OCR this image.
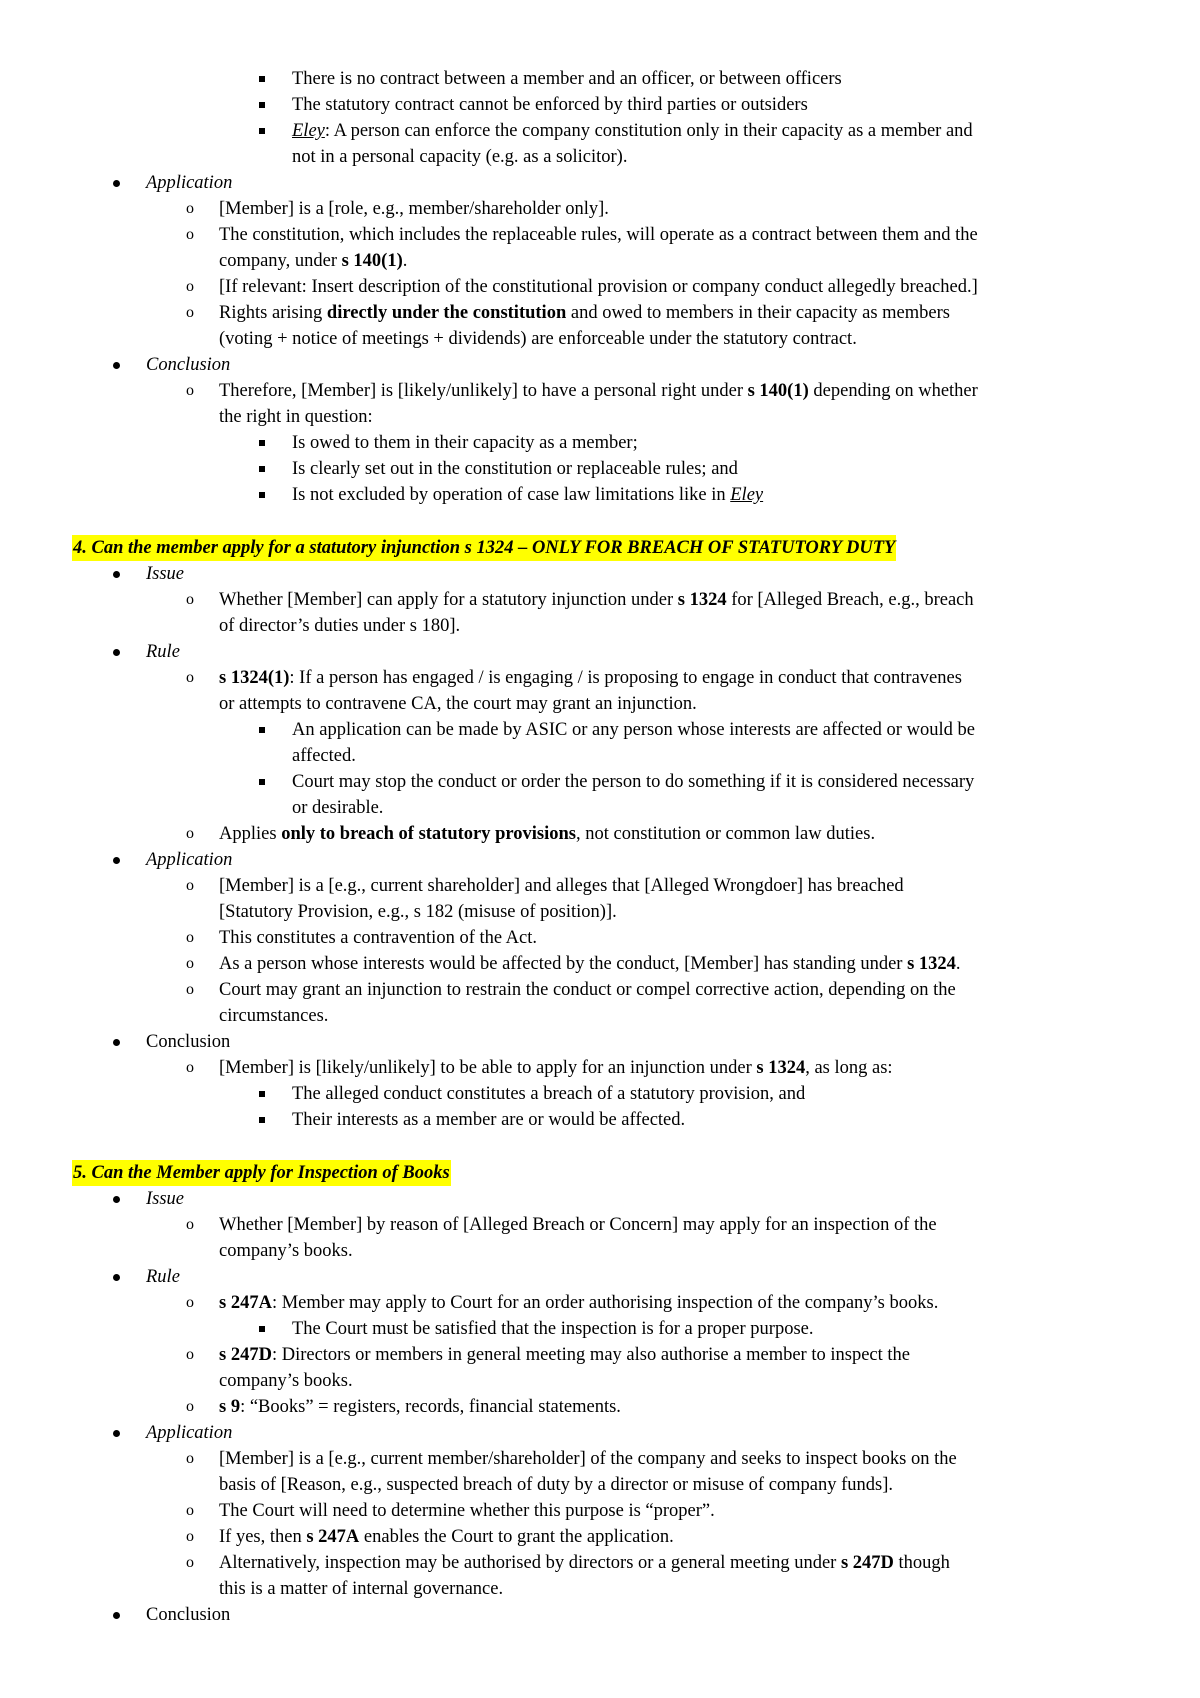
There is no contract between a member and an officer, or between officers
The statutory contract cannot be enforced by third parties or outsiders
Eley: A person can enforce the company constitution only in their capacity as a member and
not in a personal capacity (e.g. as a solicitor).
Application
o [Member] is a [role, e.g., member/shareholder only].
o The constitution, which includes the replaceable rules, will operate as a contract between them and the
company, under s 140(1).
o [If relevant: Insert description of the constitutional provision or company conduct allegedly breached.]
o Rights arising directly under the constitution and owed to members in their capacity as members
(voting + notice of meetings + dividends) are enforceable under the statutory contract.
Conclusion
o Therefore, [Member] is [likely/unlikely] to have a personal right under s 140(1) depending on whether
the right in question:
Is owed to them in their capacity as a member;
Is clearly set out in the constitution or replaceable rules; and
Is not excluded by operation of case law limitations like in Eley
4. Can the member apply for a statutory injunction s 1324 – ONLY FOR BREACH OF STATUTORY DUTY
Issue
o Whether [Member] can apply for a statutory injunction under s 1324 for [Alleged Breach, e.g., breach
of director’s duties under s 180].
Rule
o s 1324(1): If a person has engaged / is engaging / is proposing to engage in conduct that contravenes
or attempts to contravene CA, the court may grant an injunction.
An application can be made by ASIC or any person whose interests are affected or would be
affected.
Court may stop the conduct or order the person to do something if it is considered necessary
or desirable.
o Applies only to breach of statutory provisions, not constitution or common law duties.
Application
o [Member] is a [e.g., current shareholder] and alleges that [Alleged Wrongdoer] has breached
[Statutory Provision, e.g., s 182 (misuse of position)].
o This constitutes a contravention of the Act.
o As a person whose interests would be affected by the conduct, [Member] has standing under s 1324.
o Court may grant an injunction to restrain the conduct or compel corrective action, depending on the
circumstances.
Conclusion
o [Member] is [likely/unlikely] to be able to apply for an injunction under s 1324, as long as:
The alleged conduct constitutes a breach of a statutory provision, and
Their interests as a member are or would be affected.
5. Can the Member apply for Inspection of Books
Issue
o Whether [Member] by reason of [Alleged Breach or Concern] may apply for an inspection of the
company’s books.
Rule
o s 247A: Member may apply to Court for an order authorising inspection of the company’s books.
The Court must be satisfied that the inspection is for a proper purpose.
o s 247D: Directors or members in general meeting may also authorise a member to inspect the
company’s books.
o s 9: “Books” = registers, records, financial statements.
Application
o [Member] is a [e.g., current member/shareholder] of the company and seeks to inspect books on the
basis of [Reason, e.g., suspected breach of duty by a director or misuse of company funds].
o The Court will need to determine whether this purpose is “proper”.
o If yes, then s 247A enables the Court to grant the application.
o Alternatively, inspection may be authorised by directors or a general meeting under s 247D though
this is a matter of internal governance.
Conclusion
